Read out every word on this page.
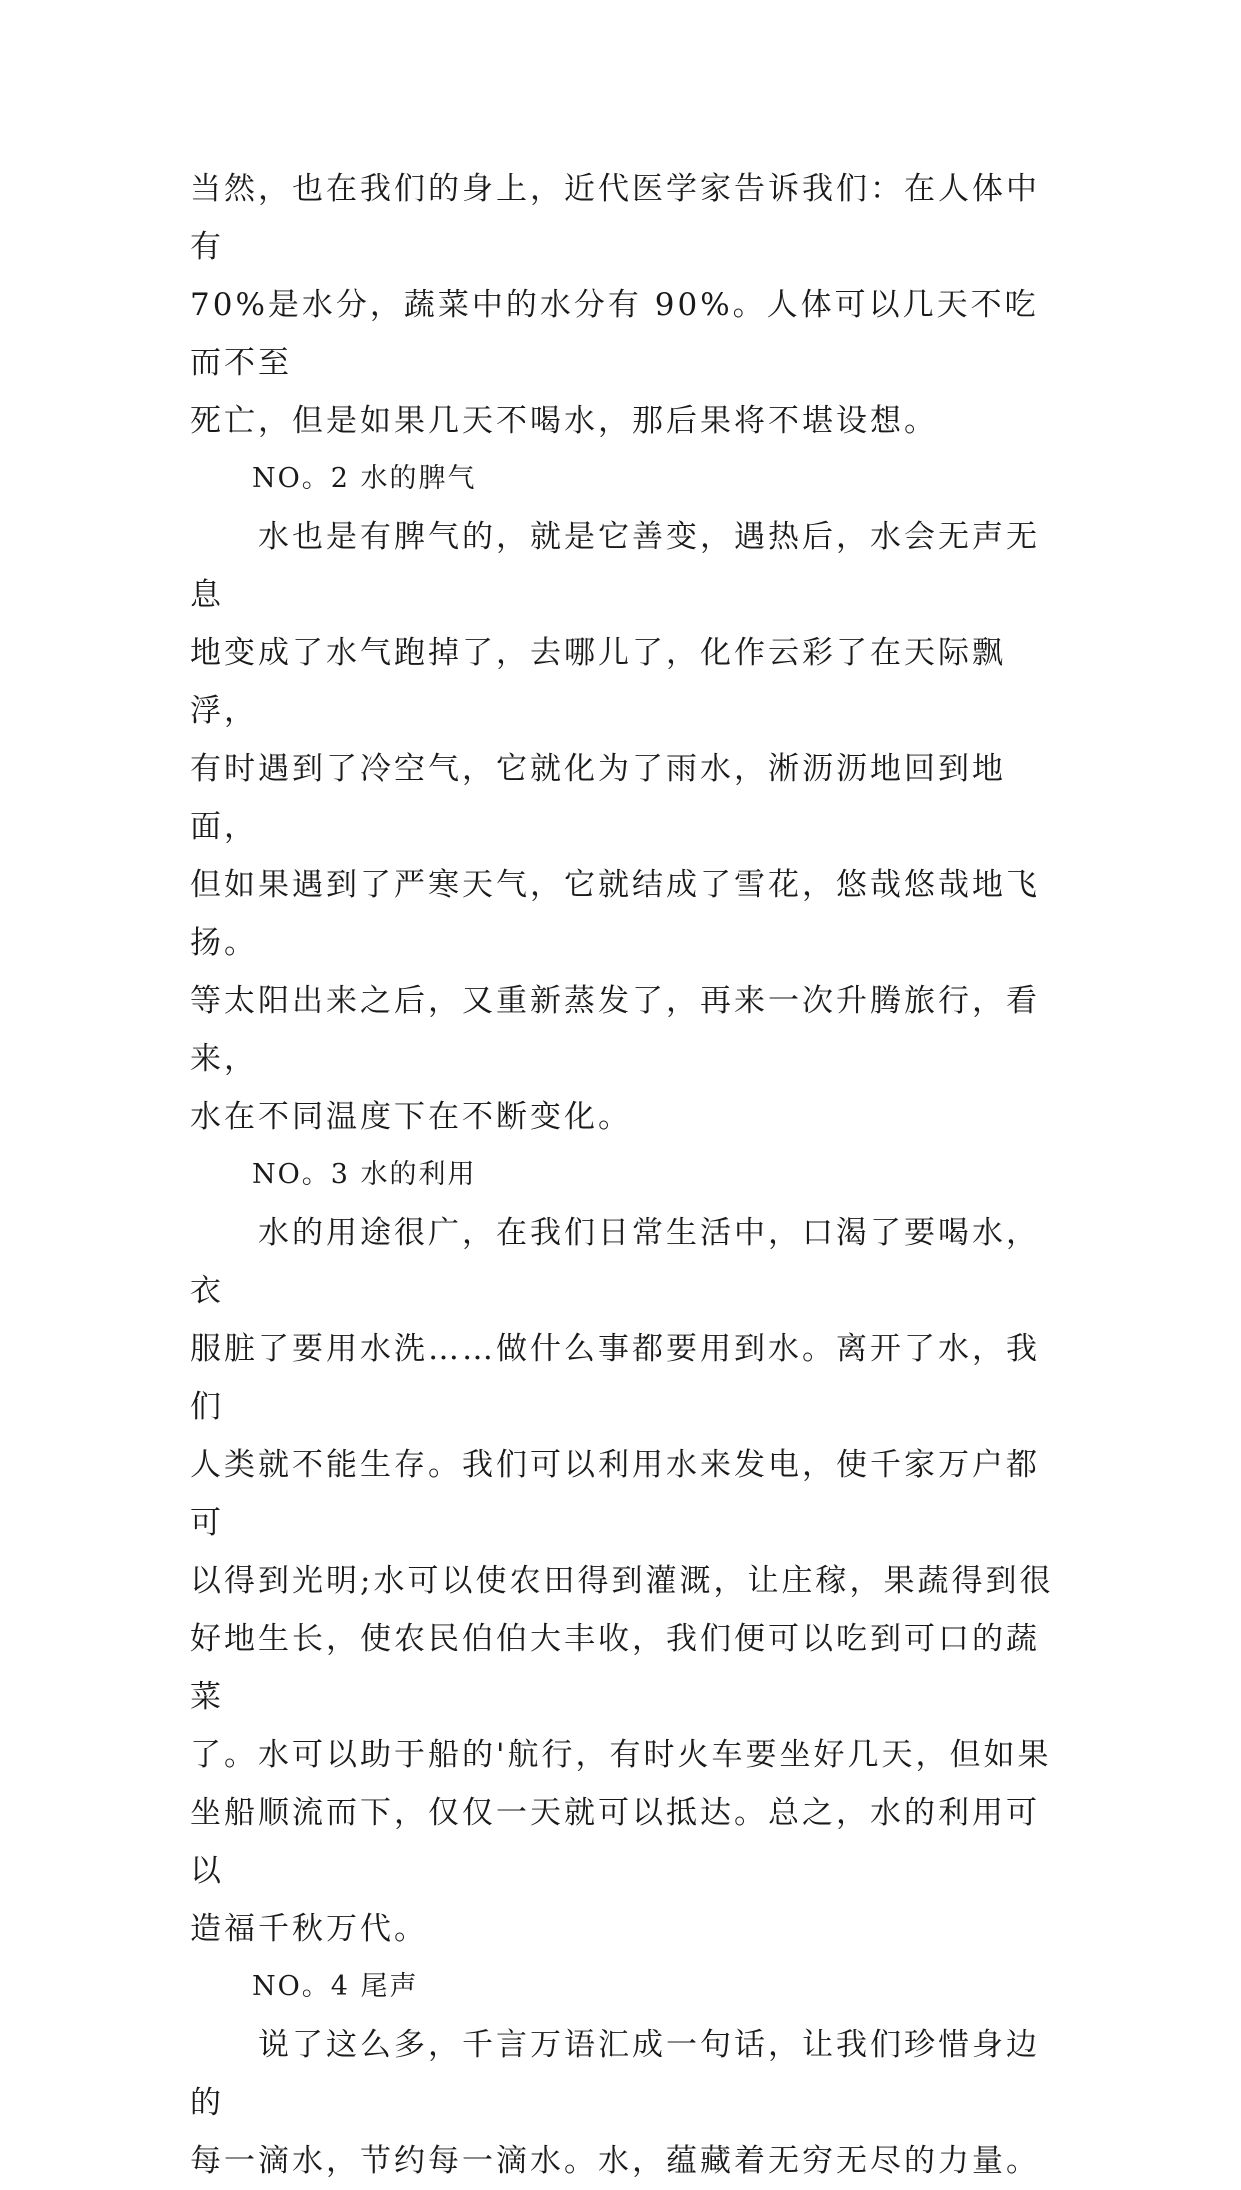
当然，也在我们的身上，近代医学家告诉我们：在人体中有
70%是水分，蔬菜中的水分有 90%。人体可以几天不吃而不至
死亡，但是如果几天不喝水，那后果将不堪设想。

NO。2 水的脾气

　　水也是有脾气的，就是它善变，遇热后，水会无声无息
地变成了水气跑掉了，去哪儿了，化作云彩了在天际飘浮，
有时遇到了冷空气，它就化为了雨水，淅沥沥地回到地面，
但如果遇到了严寒天气，它就结成了雪花，悠哉悠哉地飞扬。
等太阳出来之后，又重新蒸发了，再来一次升腾旅行，看来，
水在不同温度下在不断变化。

NO。3 水的利用

　　水的用途很广，在我们日常生活中，口渴了要喝水，衣
服脏了要用水洗……做什么事都要用到水。离开了水，我们
人类就不能生存。我们可以利用水来发电，使千家万户都可
以得到光明;水可以使农田得到灌溉，让庄稼，果蔬得到很
好地生长，使农民伯伯大丰收，我们便可以吃到可口的蔬菜
了。水可以助于船的'航行，有时火车要坐好几天，但如果
坐船顺流而下，仅仅一天就可以抵达。总之，水的利用可以
造福千秋万代。

NO。4 尾声

　　说了这么多，千言万语汇成一句话，让我们珍惜身边的
每一滴水，节约每一滴水。水，蕴藏着无穷无尽的力量。
